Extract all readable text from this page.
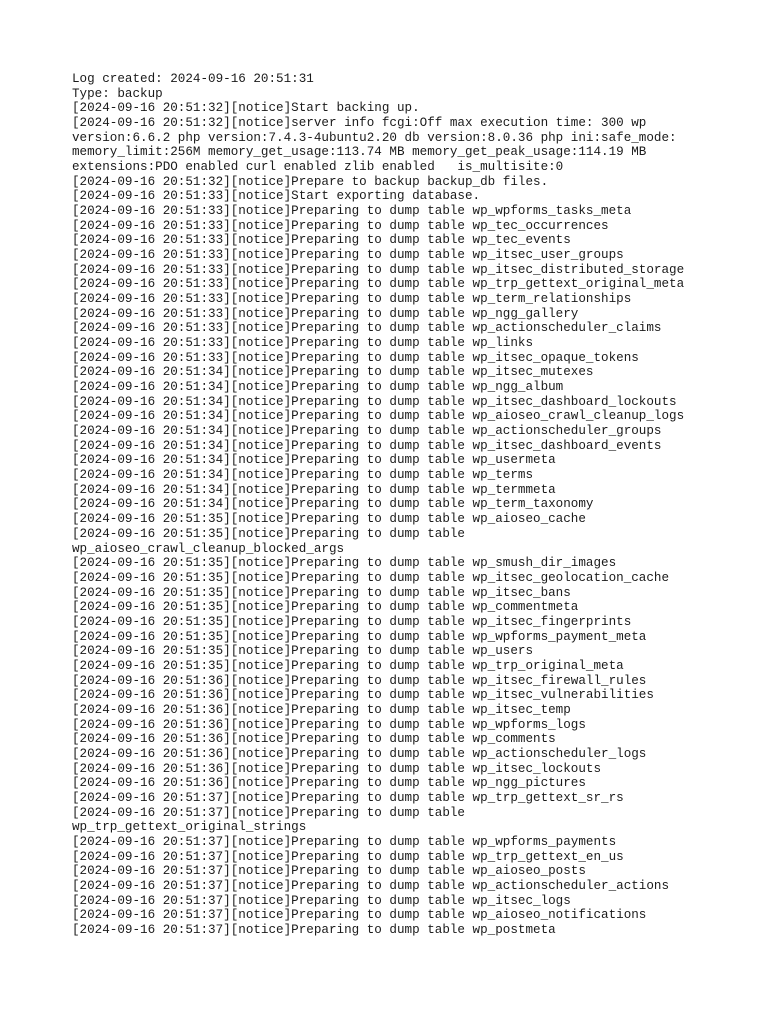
Log created: 2024-09-16 20:51:31
Type: backup
[2024-09-16 20:51:32][notice]Start backing up.
[2024-09-16 20:51:32][notice]server info fcgi:Off max execution time: 300 wp
version:6.6.2 php version:7.4.3-4ubuntu2.20 db version:8.0.36 php ini:safe_mode:
memory_limit:256M memory_get_usage:113.74 MB memory_get_peak_usage:114.19 MB
extensions:PDO enabled curl enabled zlib enabled   is_multisite:0
[2024-09-16 20:51:32][notice]Prepare to backup backup_db files.
[2024-09-16 20:51:33][notice]Start exporting database.
[2024-09-16 20:51:33][notice]Preparing to dump table wp_wpforms_tasks_meta
[2024-09-16 20:51:33][notice]Preparing to dump table wp_tec_occurrences
[2024-09-16 20:51:33][notice]Preparing to dump table wp_tec_events
[2024-09-16 20:51:33][notice]Preparing to dump table wp_itsec_user_groups
[2024-09-16 20:51:33][notice]Preparing to dump table wp_itsec_distributed_storage
[2024-09-16 20:51:33][notice]Preparing to dump table wp_trp_gettext_original_meta
[2024-09-16 20:51:33][notice]Preparing to dump table wp_term_relationships
[2024-09-16 20:51:33][notice]Preparing to dump table wp_ngg_gallery
[2024-09-16 20:51:33][notice]Preparing to dump table wp_actionscheduler_claims
[2024-09-16 20:51:33][notice]Preparing to dump table wp_links
[2024-09-16 20:51:33][notice]Preparing to dump table wp_itsec_opaque_tokens
[2024-09-16 20:51:34][notice]Preparing to dump table wp_itsec_mutexes
[2024-09-16 20:51:34][notice]Preparing to dump table wp_ngg_album
[2024-09-16 20:51:34][notice]Preparing to dump table wp_itsec_dashboard_lockouts
[2024-09-16 20:51:34][notice]Preparing to dump table wp_aioseo_crawl_cleanup_logs
[2024-09-16 20:51:34][notice]Preparing to dump table wp_actionscheduler_groups
[2024-09-16 20:51:34][notice]Preparing to dump table wp_itsec_dashboard_events
[2024-09-16 20:51:34][notice]Preparing to dump table wp_usermeta
[2024-09-16 20:51:34][notice]Preparing to dump table wp_terms
[2024-09-16 20:51:34][notice]Preparing to dump table wp_termmeta
[2024-09-16 20:51:34][notice]Preparing to dump table wp_term_taxonomy
[2024-09-16 20:51:35][notice]Preparing to dump table wp_aioseo_cache
[2024-09-16 20:51:35][notice]Preparing to dump table
wp_aioseo_crawl_cleanup_blocked_args
[2024-09-16 20:51:35][notice]Preparing to dump table wp_smush_dir_images
[2024-09-16 20:51:35][notice]Preparing to dump table wp_itsec_geolocation_cache
[2024-09-16 20:51:35][notice]Preparing to dump table wp_itsec_bans
[2024-09-16 20:51:35][notice]Preparing to dump table wp_commentmeta
[2024-09-16 20:51:35][notice]Preparing to dump table wp_itsec_fingerprints
[2024-09-16 20:51:35][notice]Preparing to dump table wp_wpforms_payment_meta
[2024-09-16 20:51:35][notice]Preparing to dump table wp_users
[2024-09-16 20:51:35][notice]Preparing to dump table wp_trp_original_meta
[2024-09-16 20:51:36][notice]Preparing to dump table wp_itsec_firewall_rules
[2024-09-16 20:51:36][notice]Preparing to dump table wp_itsec_vulnerabilities
[2024-09-16 20:51:36][notice]Preparing to dump table wp_itsec_temp
[2024-09-16 20:51:36][notice]Preparing to dump table wp_wpforms_logs
[2024-09-16 20:51:36][notice]Preparing to dump table wp_comments
[2024-09-16 20:51:36][notice]Preparing to dump table wp_actionscheduler_logs
[2024-09-16 20:51:36][notice]Preparing to dump table wp_itsec_lockouts
[2024-09-16 20:51:36][notice]Preparing to dump table wp_ngg_pictures
[2024-09-16 20:51:37][notice]Preparing to dump table wp_trp_gettext_sr_rs
[2024-09-16 20:51:37][notice]Preparing to dump table
wp_trp_gettext_original_strings
[2024-09-16 20:51:37][notice]Preparing to dump table wp_wpforms_payments
[2024-09-16 20:51:37][notice]Preparing to dump table wp_trp_gettext_en_us
[2024-09-16 20:51:37][notice]Preparing to dump table wp_aioseo_posts
[2024-09-16 20:51:37][notice]Preparing to dump table wp_actionscheduler_actions
[2024-09-16 20:51:37][notice]Preparing to dump table wp_itsec_logs
[2024-09-16 20:51:37][notice]Preparing to dump table wp_aioseo_notifications
[2024-09-16 20:51:37][notice]Preparing to dump table wp_postmeta
